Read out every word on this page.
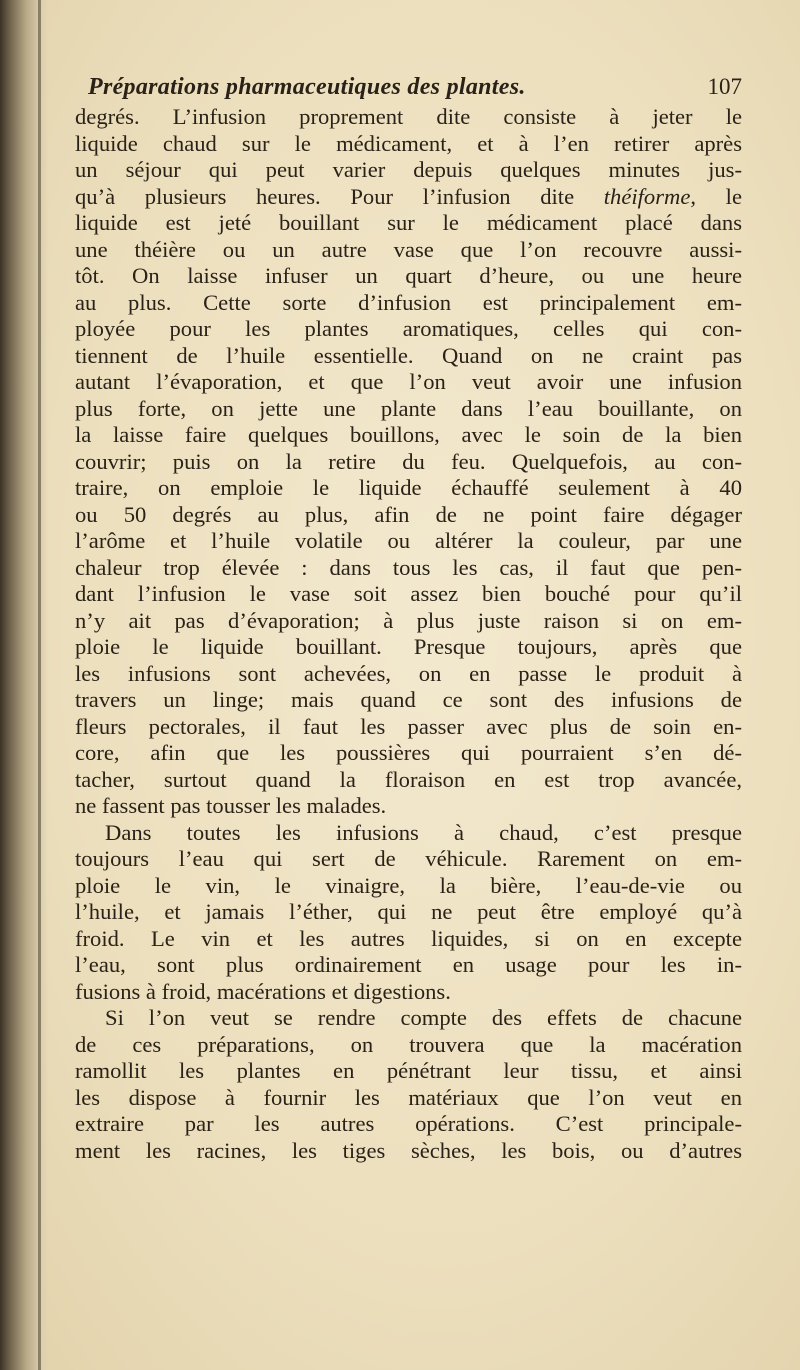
Préparations pharmaceutiques des plantes.	107
degrés. L’infusion proprement dite consiste à jeter le
liquide chaud sur le médicament, et à l’en retirer après
un séjour qui peut varier depuis quelques minutes jus-
qu’à plusieurs heures. Pour l’infusion dite théiforme, le
liquide est jeté bouillant sur le médicament placé dans
une théière ou un autre vase que l’on recouvre aussi-
tôt. On laisse infuser un quart d’heure, ou une heure
au plus. Cette sorte d’infusion est principalement em-
ployée pour les plantes aromatiques, celles qui con-
tiennent de l’huile essentielle. Quand on ne craint pas
autant l’évaporation, et que l’on veut avoir une infusion
plus forte, on jette une plante dans l’eau bouillante, on
la laisse faire quelques bouillons, avec le soin de la bien
couvrir; puis on la retire du feu. Quelquefois, au con-
traire, on emploie le liquide échauffé seulement à 40
ou 50 degrés au plus, afin de ne point faire dégager
l’arôme et l’huile volatile ou altérer la couleur, par une
chaleur trop élevée : dans tous les cas, il faut que pen-
dant l’infusion le vase soit assez bien bouché pour qu’il
n’y ait pas d’évaporation; à plus juste raison si on em-
ploie le liquide bouillant. Presque toujours, après que
les infusions sont achevées, on en passe le produit à
travers un linge; mais quand ce sont des infusions de
fleurs pectorales, il faut les passer avec plus de soin en-
core, afin que les poussières qui pourraient s’en dé-
tacher, surtout quand la floraison en est trop avancée,
ne fassent pas tousser les malades.
Dans toutes les infusions à chaud, c’est presque
toujours l’eau qui sert de véhicule. Rarement on em-
ploie le vin, le vinaigre, la bière, l’eau-de-vie ou
l’huile, et jamais l’éther, qui ne peut être employé qu’à
froid. Le vin et les autres liquides, si on en excepte
l’eau, sont plus ordinairement en usage pour les in-
fusions à froid, macérations et digestions.
Si l’on veut se rendre compte des effets de chacune
de ces préparations, on trouvera que la macération
ramollit les plantes en pénétrant leur tissu, et ainsi
les dispose à fournir les matériaux que l’on veut en
extraire par les autres opérations. C’est principale-
ment les racines, les tiges sèches, les bois, ou d’autres
